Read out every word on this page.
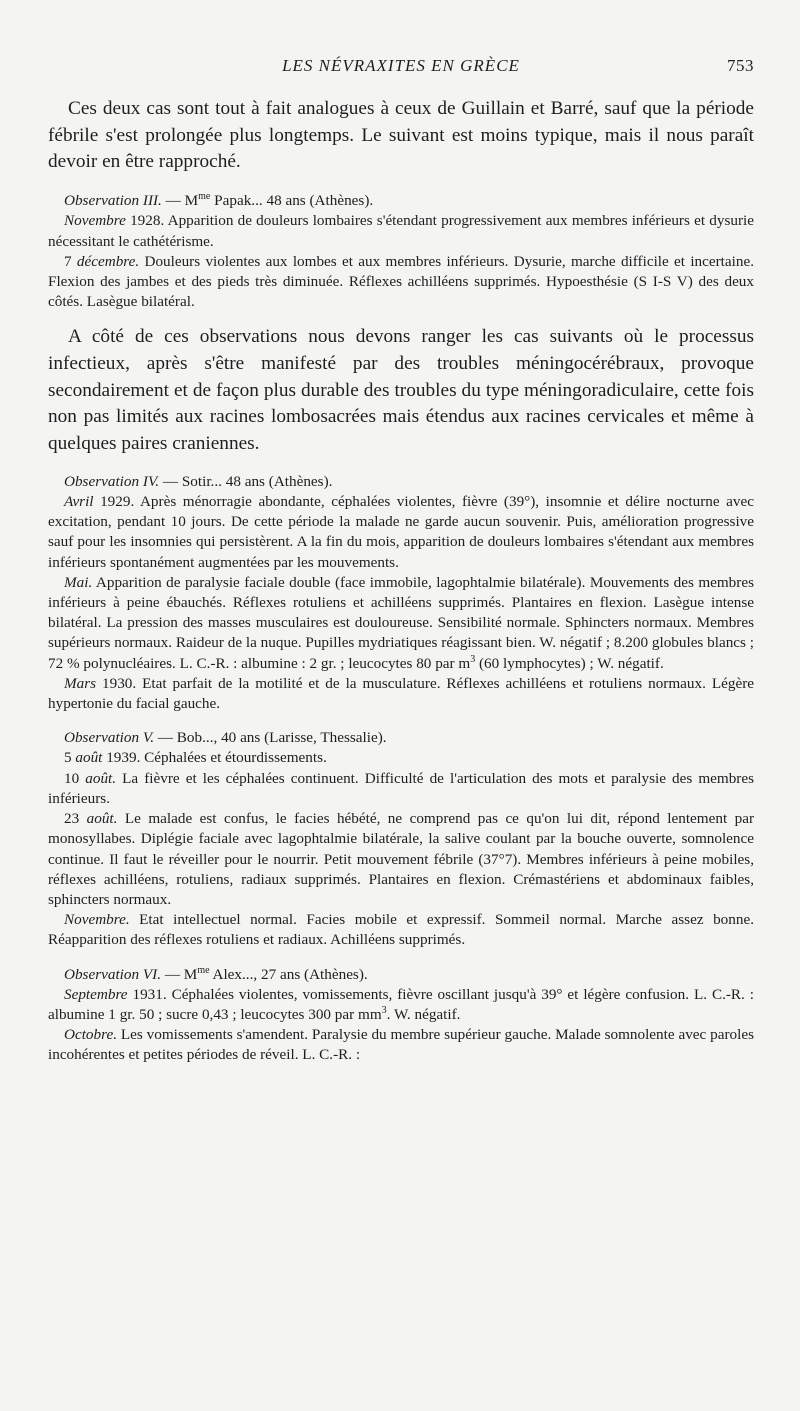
LES NÉVRAXITES EN GRÈCE	753

Ces deux cas sont tout à fait analogues à ceux de Guillain et Barré, sauf que la période fébrile s'est prolongée plus longtemps. Le suivant est moins typique, mais il nous paraît devoir en être rapproché.

Observation III. — $M^{me}$ Papak... 48 ans (Athènes).

Novembre 1928. Apparition de douleurs lombaires s'étendant progressivement aux membres inférieurs et dysurie nécessitant le cathétérisme.

7 décembre. Douleurs violentes aux lombes et aux membres inférieurs. Dysurie, marche difficile et incertaine. Flexion des jambes et des pieds très diminuée. Réflexes achilléens supprimés. Hypoesthésie (S I-S V) des deux côtés. Lasègue bilatéral.

A côté de ces observations nous devons ranger les cas suivants où le processus infectieux, après s'être manifesté par des troubles méningocérébraux, provoque secondairement et de façon plus durable des troubles du type méningoradiculaire, cette fois non pas limités aux racines lombosacrées mais étendus aux racines cervicales et même à quelques paires craniennes.

Observation IV. — Sotir... 48 ans (Athènes).

Avril 1929. Après ménorragie abondante, céphalées violentes, fièvre (39°), insomnie et délire nocturne avec excitation, pendant 10 jours. De cette période la malade ne garde aucun souvenir. Puis, amélioration progressive sauf pour les insomnies qui persistèrent. A la fin du mois, apparition de douleurs lombaires s'étendant aux membres inférieurs spontanément augmentées par les mouvements.

Mai. Apparition de paralysie faciale double (face immobile, lagophtalmie bilatérale). Mouvements des membres inférieurs à peine ébauchés. Réflexes rotuliens et achilléens supprimés. Plantaires en flexion. Lasègue intense bilatéral. La pression des masses musculaires est douloureuse. Sensibilité normale. Sphincters normaux. Membres supérieurs normaux. Raideur de la nuque. Pupilles mydriatiques réagissant bien. W. négatif ; 8.200 globules blancs ; 72 % polynucléaires. L. C.-R. : albumine : 2 gr. ; leucocytes 80 par $m^3$ (60 lymphocytes) ; W. négatif.

Mars 1930. Etat parfait de la motilité et de la musculature. Réflexes achilléens et rotuliens normaux. Légère hypertonie du facial gauche.

Observation V. — Bob..., 40 ans (Larisse, Thessalie).

5 août 1939. Céphalées et étourdissements.

10 août. La fièvre et les céphalées continuent. Difficulté de l'articulation des mots et paralysie des membres inférieurs.

23 août. Le malade est confus, le facies hébété, ne comprend pas ce qu'on lui dit, répond lentement par monosyllabes. Diplégie faciale avec lagophtalmie bilatérale, la salive coulant par la bouche ouverte, somnolence continue. Il faut le réveiller pour le nourrir. Petit mouvement fébrile (37°7). Membres inférieurs à peine mobiles, réflexes achilléens, rotuliens, radiaux supprimés. Plantaires en flexion. Crémastériens et abdominaux faibles, sphincters normaux.

Novembre. Etat intellectuel normal. Facies mobile et expressif. Sommeil normal. Marche assez bonne. Réapparition des réflexes rotuliens et radiaux. Achilléens supprimés.

Observation VI. — $M^{me}$ Alex..., 27 ans (Athènes).

Septembre 1931. Céphalées violentes, vomissements, fièvre oscillant jusqu'à 39° et légère confusion. L. C.-R. : albumine 1 gr. 50 ; sucre 0,43 ; leucocytes 300 par $mm^3$. W. négatif.

Octobre. Les vomissements s'amendent. Paralysie du membre supérieur gauche. Malade somnolente avec paroles incohérentes et petites périodes de réveil. L. C.-R. :
